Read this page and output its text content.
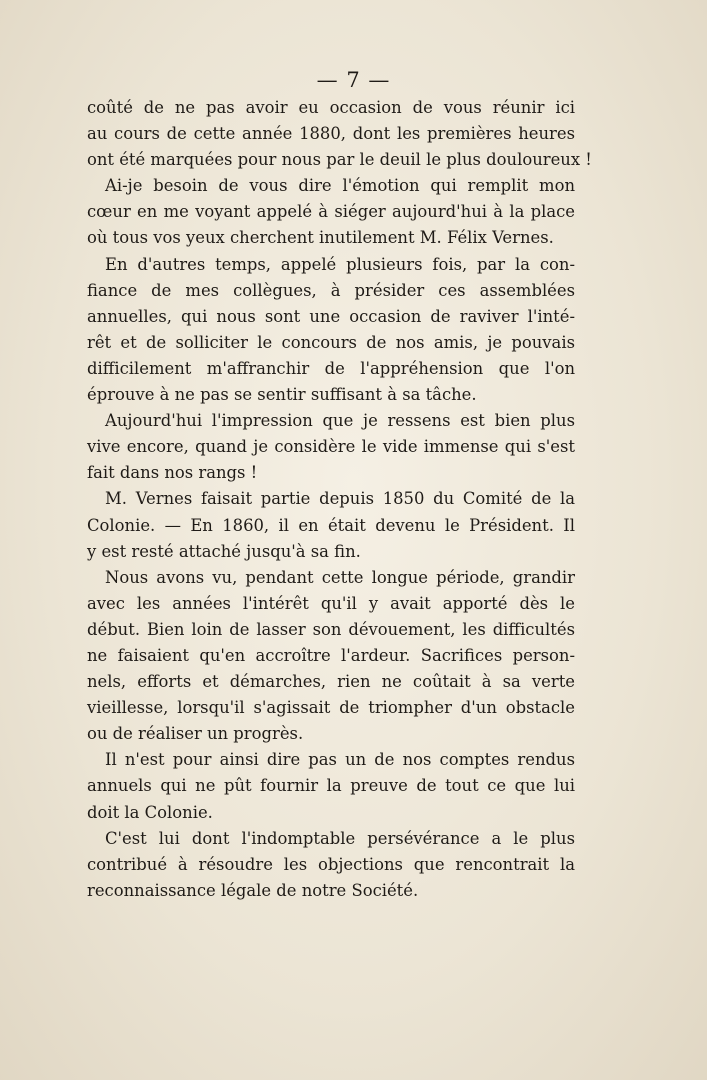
— 7 —
coûté de ne pas avoir eu occasion de vous réunir ici
au cours de cette année 1880, dont les premières heures
ont été marquées pour nous par le deuil le plus douloureux !
Ai-je besoin de vous dire l'émotion qui remplit mon
cœur en me voyant appelé à siéger aujourd'hui à la place
où tous vos yeux cherchent inutilement M. Félix Vernes.
En d'autres temps, appelé plusieurs fois, par la con-
fiance de mes collègues, à présider ces assemblées
annuelles, qui nous sont une occasion de raviver l'inté-
rêt et de solliciter le concours de nos amis, je pouvais
difficilement m'affranchir de l'appréhension que l'on
éprouve à ne pas se sentir suffisant à sa tâche.
Aujourd'hui l'impression que je ressens est bien plus
vive encore, quand je considère le vide immense qui s'est
fait dans nos rangs !
M. Vernes faisait partie depuis 1850 du Comité de la
Colonie. — En 1860, il en était devenu le Président. Il
y est resté attaché jusqu'à sa fin.
Nous avons vu, pendant cette longue période, grandir
avec les années l'intérêt qu'il y avait apporté dès le
début. Bien loin de lasser son dévouement, les difficultés
ne faisaient qu'en accroître l'ardeur. Sacrifices person-
nels, efforts et démarches, rien ne coûtait à sa verte
vieillesse, lorsqu'il s'agissait de triompher d'un obstacle
ou de réaliser un progrès.
Il n'est pour ainsi dire pas un de nos comptes rendus
annuels qui ne pût fournir la preuve de tout ce que lui
doit la Colonie.
C'est lui dont l'indomptable persévérance a le plus
contribué à résoudre les objections que rencontrait la
reconnaissance légale de notre Société.
